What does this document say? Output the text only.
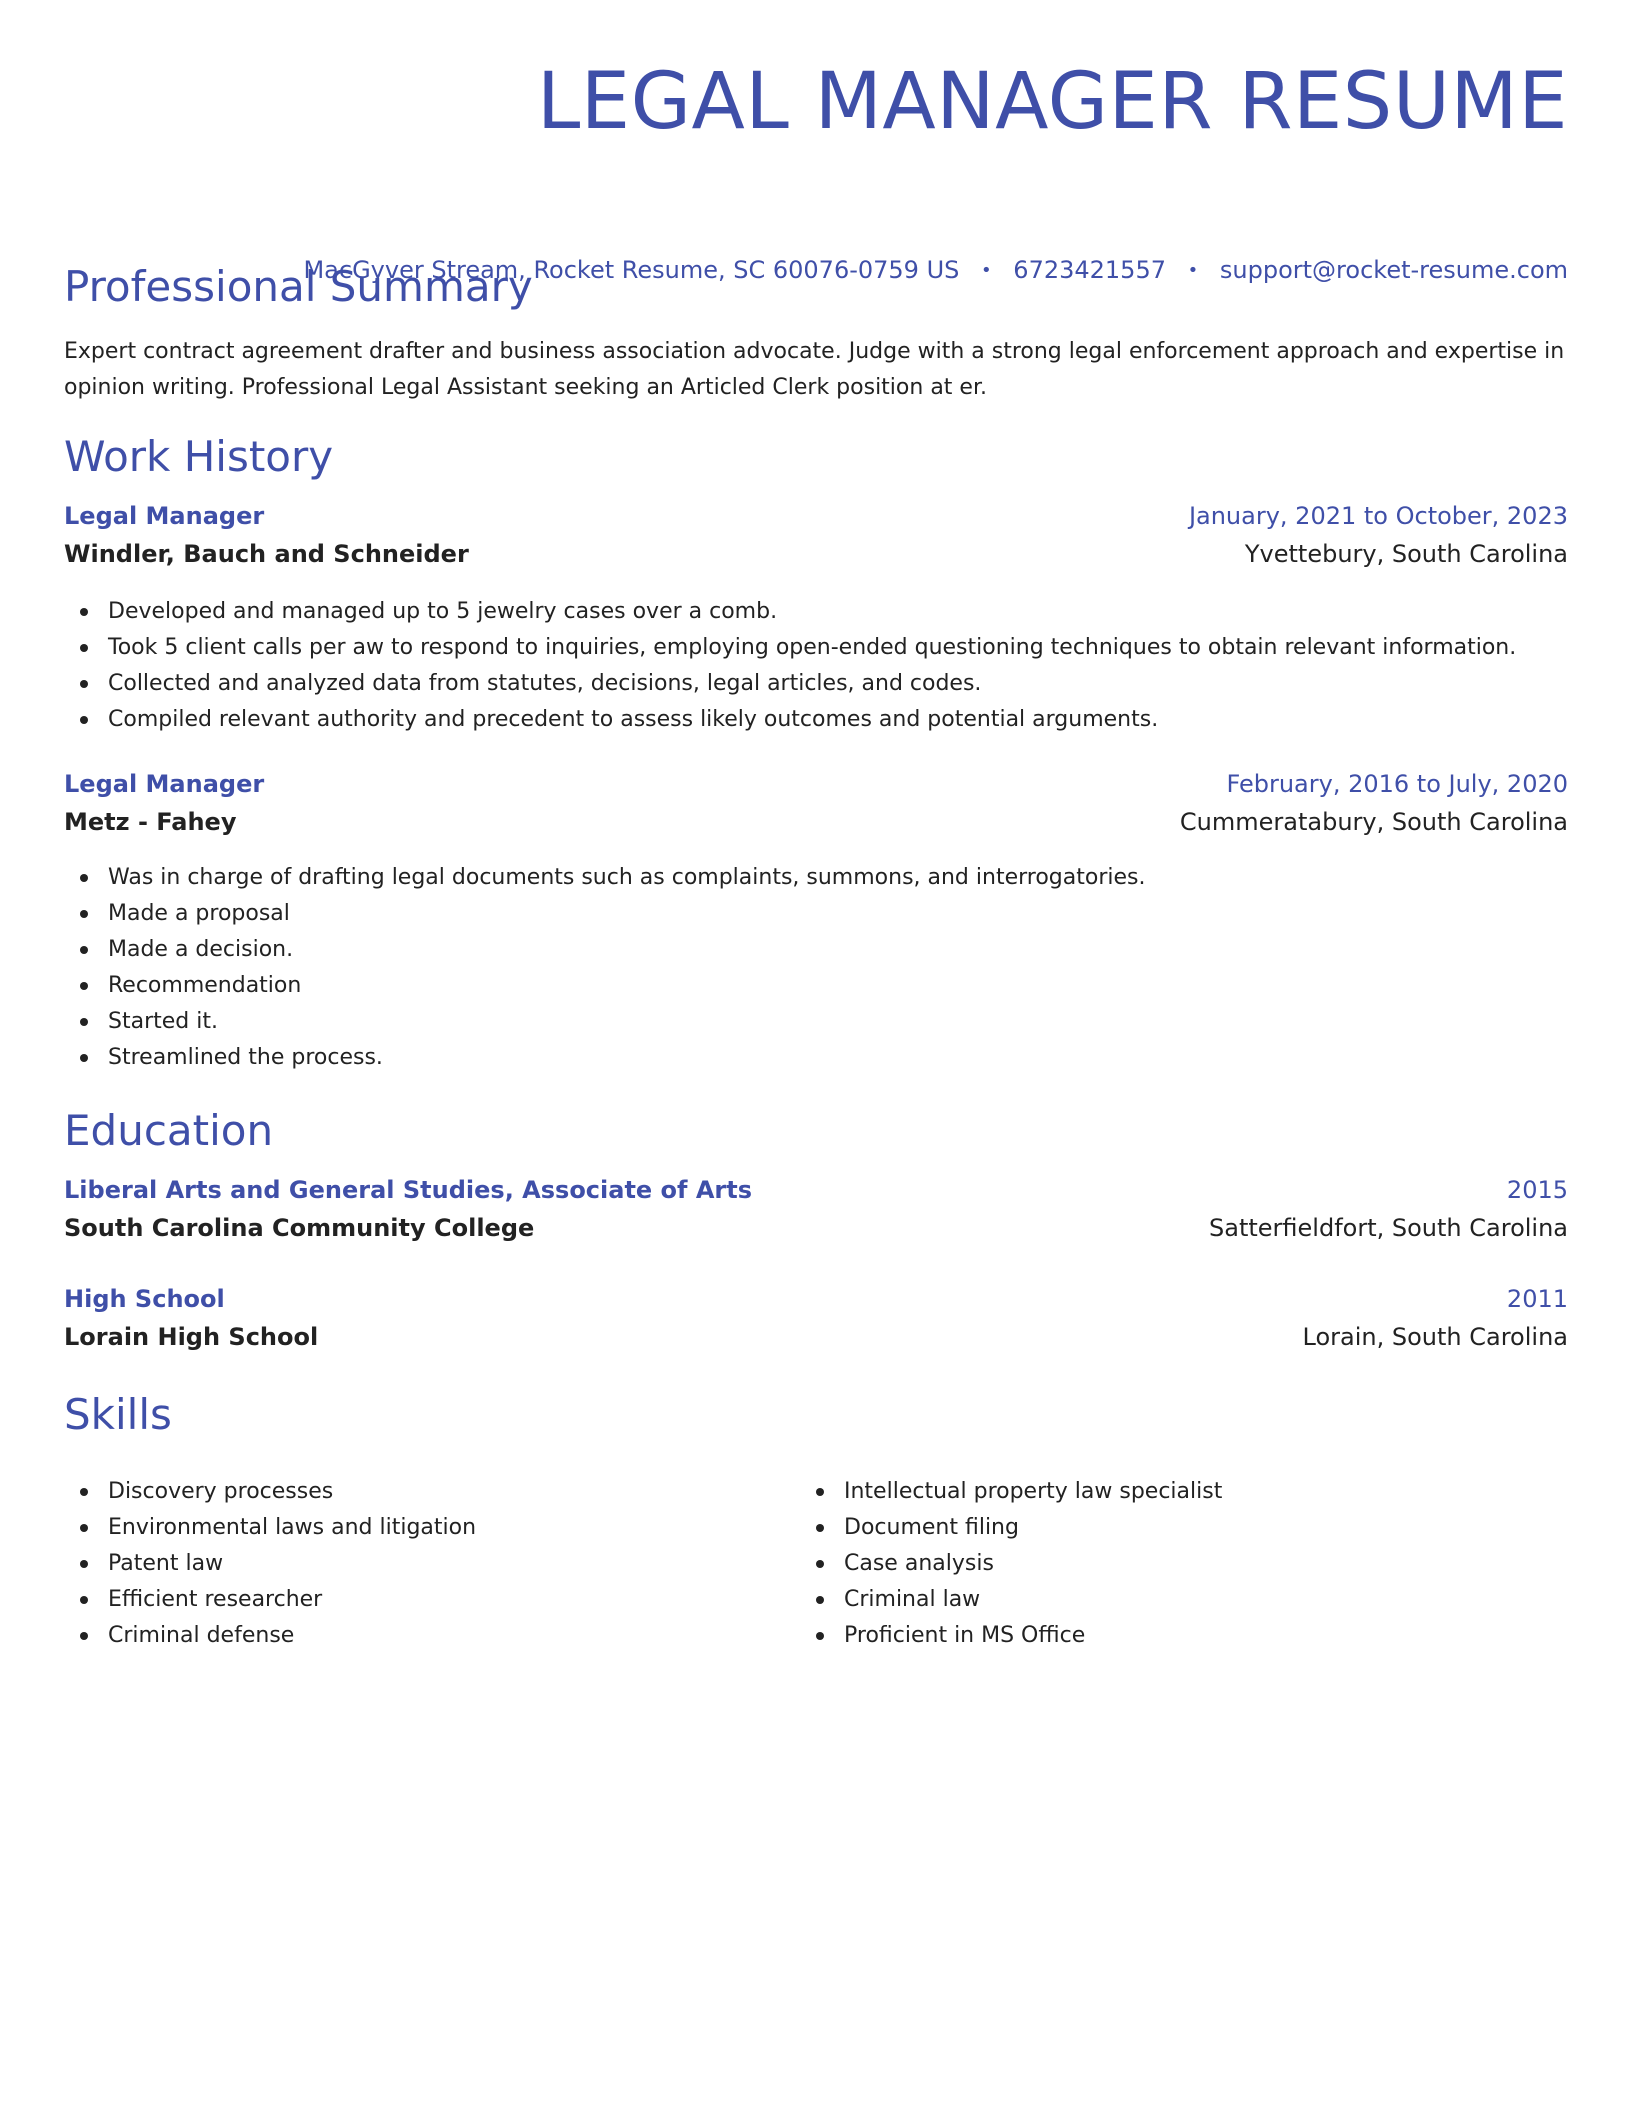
LEGAL MANAGER RESUME
MacGyver Stream, Rocket Resume, SC 60076-0759 US • 6723421557 • support@rocket-resume.com
Professional Summary

Expert contract agreement drafter and business association advocate. Judge with a strong legal enforcement approach and expertise in opinion writing. Professional Legal Assistant seeking an Articled Clerk position at er.

Work History
Legal Manager	January, 2021 to October, 2023
Windler, Bauch and Schneider	Yvettebury, South Carolina
Developed and managed up to 5 jewelry cases over a comb.
Took 5 client calls per aw to respond to inquiries, employing open-ended questioning techniques to obtain relevant information.
Collected and analyzed data from statutes, decisions, legal articles, and codes.
Compiled relevant authority and precedent to assess likely outcomes and potential arguments.
Legal Manager	February, 2016 to July, 2020
Metz - Fahey	Cummeratabury, South Carolina
Was in charge of drafting legal documents such as complaints, summons, and interrogatories.
Made a proposal
Made a decision.
Recommendation
Started it.
Streamlined the process.
Education
Liberal Arts and General Studies, Associate of Arts	2015
South Carolina Community College	Satterfieldfort, South Carolina
High School	2011
Lorain High School	Lorain, South Carolina
Skills
Discovery processes
Environmental laws and litigation
Patent law
Efficient researcher
Criminal defense
Intellectual property law specialist
Document filing
Case analysis
Criminal law
Proficient in MS Office
